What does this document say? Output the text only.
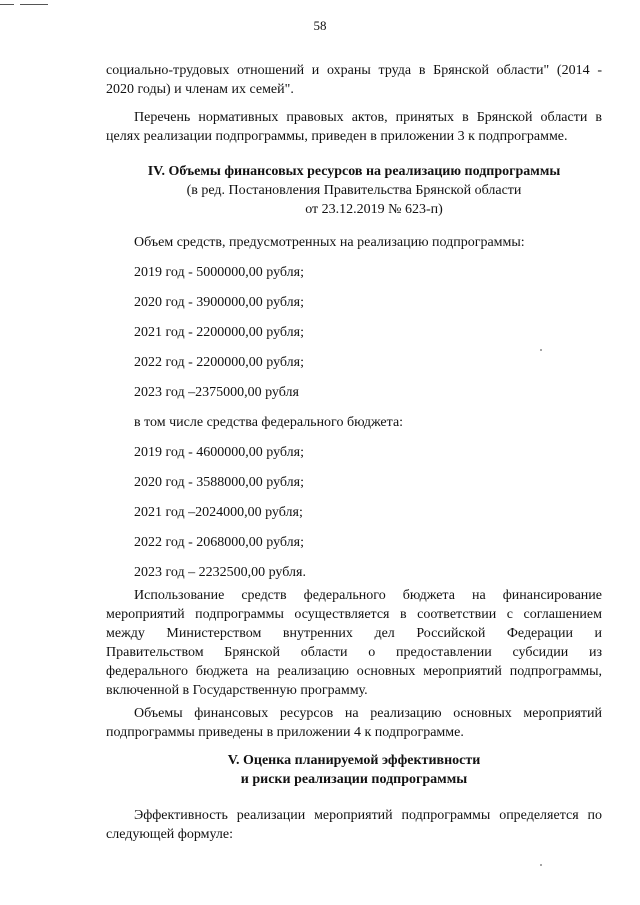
58
социально-трудовых отношений и охраны труда в Брянской области" (2014 -
2020 годы) и членам их семей".
Перечень нормативных правовых актов, принятых в Брянской области в
целях реализации подпрограммы, приведен в приложении 3 к подпрограмме.
IV. Объемы финансовых ресурсов на реализацию подпрограммы
(в ред. Постановления Правительства Брянской области
от 23.12.2019 № 623-п)
Объем средств, предусмотренных на реализацию подпрограммы:
2019 год - 5000000,00 рубля;
2020 год - 3900000,00 рубля;
2021 год - 2200000,00 рубля;
2022 год - 2200000,00 рубля;
2023 год –2375000,00 рубля
в том числе средства федерального бюджета:
2019 год - 4600000,00 рубля;
2020 год - 3588000,00 рубля;
2021 год –2024000,00 рубля;
2022 год - 2068000,00 рубля;
2023 год – 2232500,00 рубля.
Использование средств федерального бюджета на финансирование
мероприятий подпрограммы осуществляется в соответствии с соглашением
между Министерством внутренних дел Российской Федерации и
Правительством Брянской области о предоставлении субсидии из
федерального бюджета на реализацию основных мероприятий подпрограммы,
включенной в Государственную программу.
Объемы финансовых ресурсов на реализацию основных мероприятий
подпрограммы приведены в приложении 4 к подпрограмме.
V. Оценка планируемой эффективности
и риски реализации подпрограммы
Эффективность реализации мероприятий подпрограммы определяется по
следующей формуле:
